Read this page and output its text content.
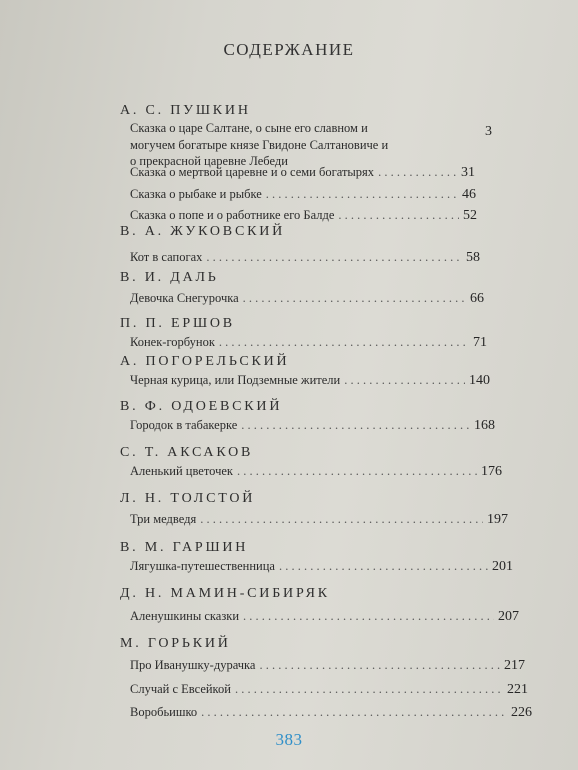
СОДЕРЖАНИЕ
А. С. ПУШКИН
Сказка о царе Салтане, о сыне его славном и
могучем богатыре князе Гвидоне Салтановиче и
о прекрасной царевне Лебеди
3
Сказка о мертвой царевне и о семи богатырях . . .	31
Сказка о рыбаке и рыбке . . .	46
Сказка о попе и о работнике его Балде . . .	52
В. А. ЖУКОВСКИЙ
Кот в сапогах . . .	58
В. И. ДАЛЬ
Девочка Снегурочка . . .	66
П. П. ЕРШОВ
Конек-горбунок . . .	71
А. ПОГОРЕЛЬСКИЙ
Черная курица, или Подземные жители . . .	140
В. Ф. ОДОЕВСКИЙ
Городок в табакерке . . .	168
С. Т. АКСАКОВ
Аленький цветочек . . .	176
Л. Н. ТОЛСТОЙ
Три медведя . . .	197
В. М. ГАРШИН
Лягушка-путешественница . . .	201
Д. Н. МАМИН-СИБИРЯК
Аленушкины сказки . . .	207
М. ГОРЬКИЙ
Про Иванушку-дурачка . . .	217
Случай с Евсейкой . . .	221
Воробьишко . . .	226
383
